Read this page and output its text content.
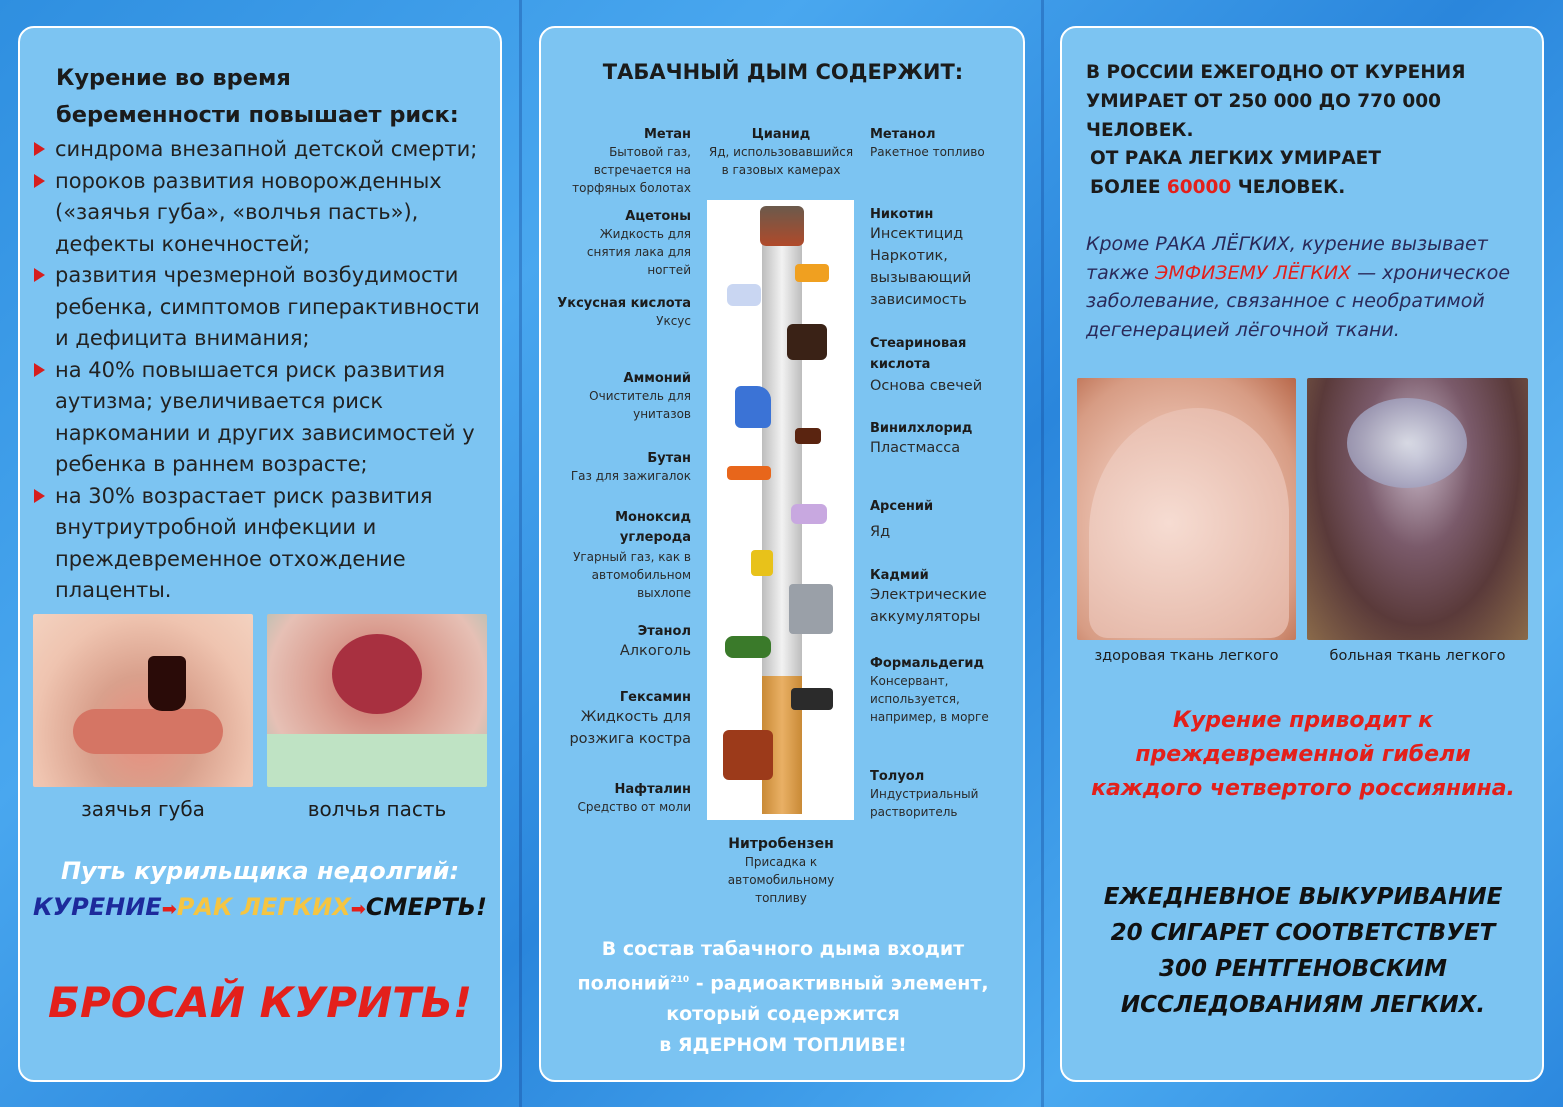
Курение во время беременности повышает риск:
синдрома внезапной детской смерти;
пороков развития новорожденных («заячья губа», «волчья пасть»), дефекты конечностей;
развития чрезмерной возбудимости ребенка, симптомов гиперактивности и дефицита внимания;
на 40% повышается риск развития аутизма; увеличивается риск наркомании и других зависимостей у ребенка в раннем возрасте;
на 30% возрастает риск развития внутриутробной инфекции и преждевременное отхождение плаценты.
заячья губа	волчья пасть
Путь курильщика недолгий:
КУРЕНИЕ➡РАК ЛЕГКИХ➡СМЕРТЬ!
БРОСАЙ КУРИТЬ!
ТАБАЧНЫЙ ДЫМ СОДЕРЖИТ:
Метан
Бытовой газ, встречается на торфяных болотах
Цианид
Яд, использовавшийся в газовых камерах
Метанол
Ракетное топливо
Ацетоны
Жидкость для снятия лака для ногтей
Уксусная кислота
Уксус
Аммоний
Очиститель для унитазов
Бутан
Газ для зажигалок
Моноксид углерода
Угарный газ, как в автомобильном выхлопе
Этанол
Алкоголь
Гексамин
Жидкость для розжига костра
Нафталин
Средство от моли
Никотин
Инсектицид Наркотик, вызывающий зависимость
Стеариновая кислота
Основа свечей
Винилхлорид
Пластмасса
Арсений
Яд
Кадмий
Электрические аккумуляторы
Формальдегид
Консервант, используется, например, в морге
Толуол
Индустриальный растворитель
Нитробензен
Присадка к автомобильному топливу
В состав табачного дыма входит
полоний$^{210}$ - радиоактивный элемент,
который содержится
в ЯДЕРНОМ ТОПЛИВЕ!
В РОССИИ ЕЖЕГОДНО ОТ КУРЕНИЯ УМИРАЕТ ОТ 250 000 ДО 770 000 ЧЕЛОВЕК.
ОТ РАКА ЛЕГКИХ УМИРАЕТ
БОЛЕЕ 60000 ЧЕЛОВЕК.
Кроме РАКА ЛЁГКИХ, курение вызывает также ЭМФИЗЕМУ ЛЁГКИХ — хроническое заболевание, связанное с необратимой дегенерацией лёгочной ткани.
здоровая ткань легкого	больная ткань легкого
Курение приводит к
преждевременной гибели
каждого четвертого россиянина.
ЕЖЕДНЕВНОЕ ВЫКУРИВАНИЕ
20 СИГАРЕТ СООТВЕТСТВУЕТ
300 РЕНТГЕНОВСКИМ
ИССЛЕДОВАНИЯМ ЛЕГКИХ.
